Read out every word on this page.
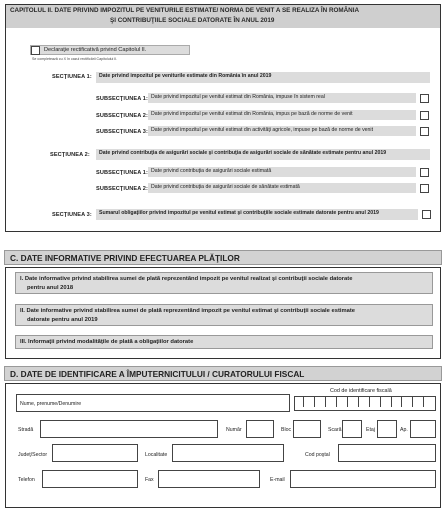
CAPITOLUL II. DATE PRIVIND IMPOZITUL PE VENITURILE ESTIMATE/ NORMA DE VENIT A SE REALIZA ÎN ROMÂNIA
ŞI CONTRIBUŢIILE SOCIALE DATORATE ÎN ANUL 2019
Declaraţie rectificativă privind Capitolul II.
Se completează cu X în cazul rectificării Capitolului II.
SECŢIUNEA 1:	Date privind impozitul pe veniturile estimate din România în anul 2019
SUBSECŢIUNEA 1: Date privind impozitul pe venitul estimat din România, impuse în sistem real
SUBSECŢIUNEA 2: Date privind impozitul pe venitul estimat din România, impus pe bază de norme de venit
SUBSECŢIUNEA 3: Date privind impozitul pe venitul estimat din activităţi agricole, impuse pe bază de norme de venit
SECŢIUNEA 2:	Date privind contribuţia de asigurări sociale şi contribuţia de asigurări sociale de sănătate estimate pentru anul 2019
SUBSECŢIUNEA 1: Date privind contribuţia de asigurări sociale estimată
SUBSECŢIUNEA 2: Date privind contribuţia de asigurări sociale de sănătate estimată
SECŢIUNEA 3:	Sumarul obligaţiilor privind impozitul pe venitul estimat şi contribuţiile sociale estimate datorate pentru anul 2019
C. DATE INFORMATIVE PRIVIND EFECTUAREA PLĂŢILOR
I. Date informative privind stabilirea sumei de plată reprezentând impozit pe venitul realizat şi contribuţii sociale datorate
pentru anul 2018
II. Date informative privind stabilirea sumei de plată reprezentând impozit pe venitul estimat şi contribuţii sociale estimate
datorate pentru anul 2019
III. Informaţii privind modalităţile de plată a obligaţiilor datorate
D. DATE DE IDENTIFICARE A ÎMPUTERNICITULUI / CURATORULUI FISCAL
Cod de identificare fiscală
Nume, prenume/Denumire
Stradă	Număr	Bloc	Scară	Etaj	Ap.
Judeţ/Sector	Localitate	Cod poştal
Telefon	Fax	E-mail
